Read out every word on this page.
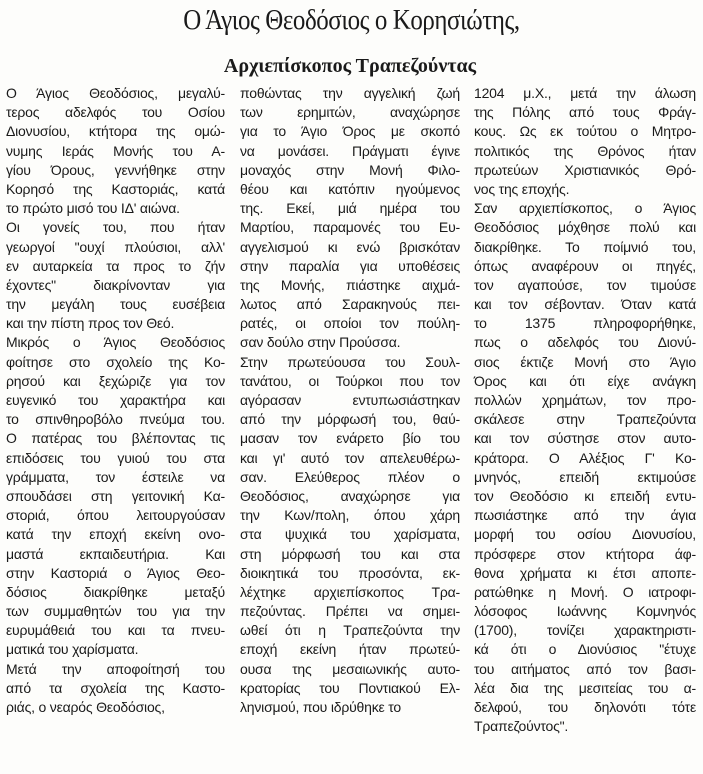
Ο Άγιος Θεοδόσιος ο Κορησιώτης,
Αρχιεπίσκοπος Τραπεζούντας
Ο Άγιος Θεοδόσιος, μεγαλύ-
τερος αδελφός του Οσίου
Διονυσίου, κτήτορα της ομώ-
νυμης Ιεράς Μονής του Α-
γίου Όρους, γεννήθηκε στην
Κορησό της Καστοριάς, κατά
το πρώτο μισό του ΙΔ' αιώνα.
Οι γονείς του, που ήταν
γεωργοί "ουχί πλούσιοι, αλλ'
εν αυταρκεία τα προς το ζήν
έχοντες" διακρίνονταν για
την μεγάλη τους ευσέβεια
και την πίστη προς τον Θεό.
Μικρός ο Άγιος Θεοδόσιος
φοίτησε στο σχολείο της Κο-
ρησού και ξεχώριζε για τον
ευγενικό του χαρακτήρα και
το σπινθηροβόλο πνεύμα του.
Ο πατέρας του βλέποντας τις
επιδόσεις του γυιού του στα
γράμματα, τον έστειλε να
σπουδάσει στη γειτονική Κα-
στοριά, όπου λειτουργούσαν
κατά την εποχή εκείνη ονο-
μαστά εκπαιδευτήρια. Και
στην Καστοριά ο Άγιος Θεο-
δόσιος διακρίθηκε μεταξύ
των συμμαθητών του για την
ευρυμάθειά του και τα πνευ-
ματικά του χαρίσματα.
Μετά την αποφοίτησή του
από τα σχολεία της Καστο-
ριάς, ο νεαρός Θεοδόσιος,
ποθώντας την αγγελική ζωή
των ερημιτών, αναχώρησε
για το Άγιο Όρος με σκοπό
να μονάσει. Πράγματι έγινε
μοναχός στην Μονή Φιλο-
θέου και κατόπιν ηγούμενος
της. Εκεί, μιά ημέρα του
Μαρτίου, παραμονές του Ευ-
αγγελισμού κι ενώ βρισκόταν
στην παραλία για υποθέσεις
της Μονής, πιάστηκε αιχμά-
λωτος από Σαρακηνούς πει-
ρατές, οι οποίοι τον πούλη-
σαν δούλο στην Προύσσα.
Στην πρωτεύουσα του Σουλ-
τανάτου, οι Τούρκοι που τον
αγόρασαν εντυπωσιάστηκαν
από την μόρφωσή του, θαύ-
μασαν τον ενάρετο βίο του
και γι' αυτό τον απελευθέρω-
σαν. Ελεύθερος πλέον ο
Θεοδόσιος, αναχώρησε για
την Κων/πολη, όπου χάρη
στα ψυχικά του χαρίσματα,
στη μόρφωσή του και στα
διοικητικά του προσόντα, εκ-
λέχτηκε αρχιεπίσκοπος Τρα-
πεζούντας. Πρέπει να σημει-
ωθεί ότι η Τραπεζούντα την
εποχή εκείνη ήταν πρωτεύ-
ουσα της μεσαιωνικής αυτο-
κρατορίας του Ποντιακού Ελ-
ληνισμού, που ιδρύθηκε το
1204 μ.Χ., μετά την άλωση
της Πόλης από τους Φράγ-
κους. Ως εκ τούτου ο Μητρο-
πολιτικός της Θρόνος ήταν
πρωτεύων Χριστιανικός Θρό-
νος της εποχής.
Σαν αρχιεπίσκοπος, ο Άγιος
Θεοδόσιος μόχθησε πολύ και
διακρίθηκε. Το ποίμνιό του,
όπως αναφέρουν οι πηγές,
τον αγαπούσε, τον τιμούσε
και τον σέβονταν. Όταν κατά
το 1375 πληροφορήθηκε,
πως ο αδελφός του Διονύ-
σιος έκτιζε Μονή στο Άγιο
Όρος και ότι είχε ανάγκη
πολλών χρημάτων, τον προ-
σκάλεσε στην Τραπεζούντα
και τον σύστησε στον αυτο-
κράτορα. Ο Αλέξιος Γ' Κο-
μνηνός, επειδή εκτιμούσε
τον Θεοδόσιο κι επειδή εντυ-
πωσιάστηκε από την άγια
μορφή του οσίου Διονυσίου,
πρόσφερε στον κτήτορα άφ-
θονα χρήματα κι έτσι αποπε-
ρατώθηκε η Μονή. Ο ιατροφι-
λόσοφος Ιωάννης Κομνηνός
(1700), τονίζει χαρακτηριστι-
κά ότι ο Διονύσιος "έτυχε
του αιτήματος από τον βασι-
λέα δια της μεσιτείας του α-
δελφού, του δηλονότι τότε
Τραπεζούντος".
